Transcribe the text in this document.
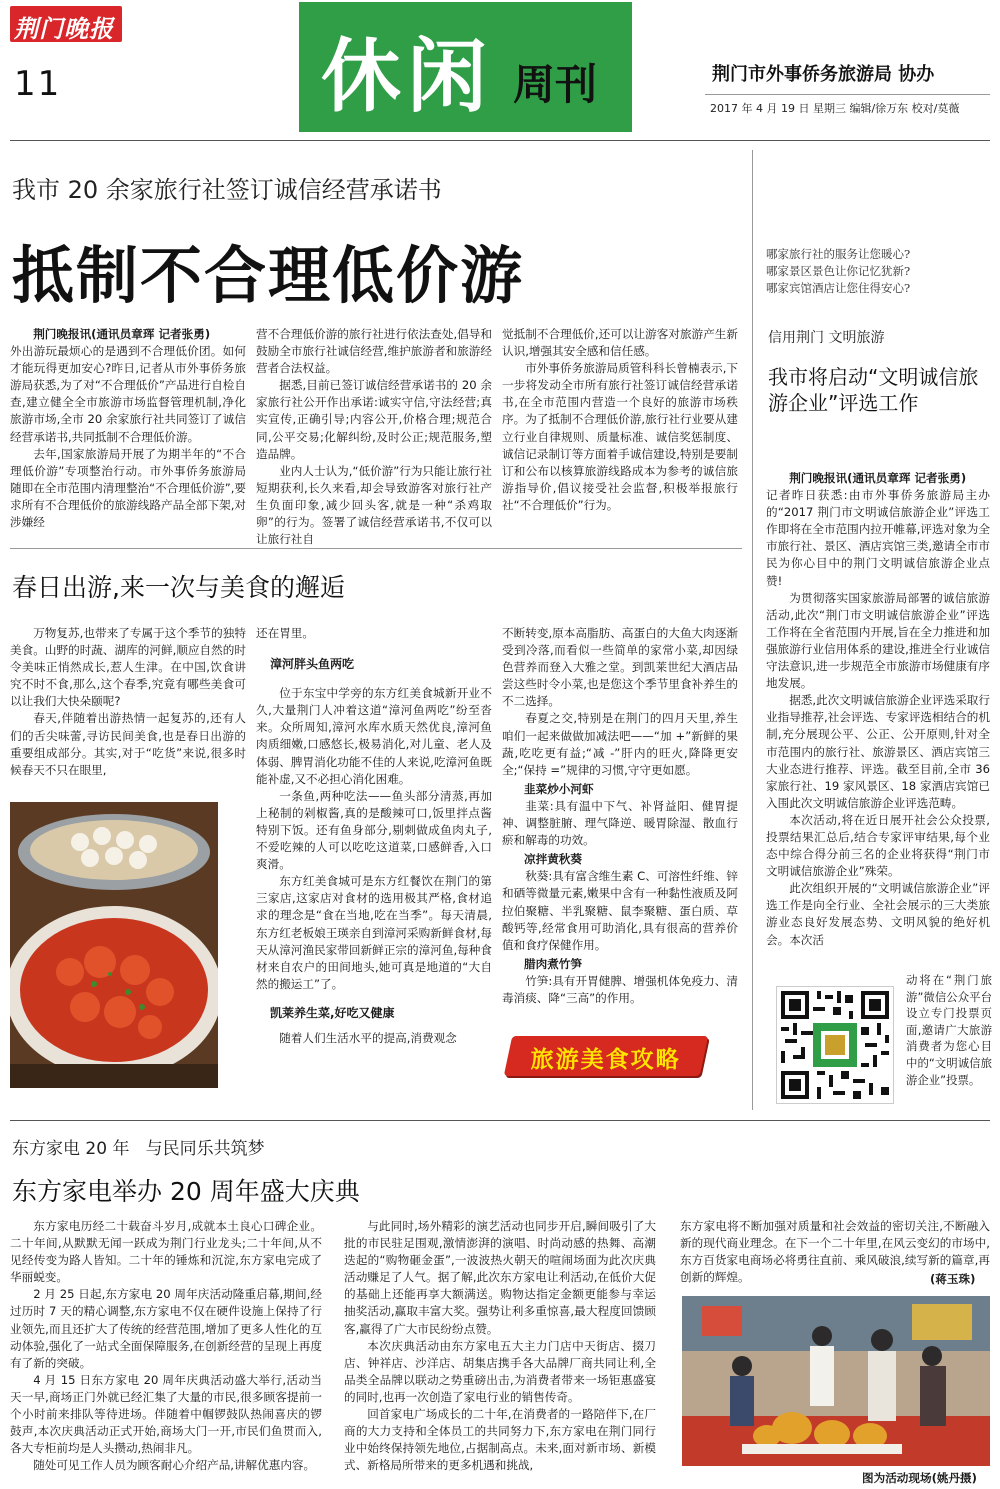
荆门晚报
11	休闲 周刊	荆门市外事侨务旅游局 协办
2017 年 4 月 19 日 星期三 编辑/徐万东 校对/莫薇
我市 20 余家旅行社签订诚信经营承诺书
抵制不合理低价游
荆门晚报讯(通讯员章珲 记者张勇)

外出游玩最烦心的是遇到不合理低价团。如何才能玩得更加安心?昨日,记者从市外事侨务旅游局获悉,为了对“不合理低价”产品进行自检自查,建立健全全市旅游市场监督管理机制,净化旅游市场,全市 20 余家旅行社共同签订了诚信经营承诺书,共同抵制不合理低价游。

去年,国家旅游局开展了为期半年的“不合理低价游”专项整治行动。市外事侨务旅游局随即在全市范围内清理整治“不合理低价游”,要求所有不合理低价的旅游线路产品全部下架,对涉嫌经

营不合理低价游的旅行社进行依法查处,倡导和鼓励全市旅行社诚信经营,维护旅游者和旅游经营者合法权益。

据悉,目前已签订诚信经营承诺书的 20 余家旅行社公开作出承诺:诚实守信,守法经营;真实宣传,正确引导;内容公开,价格合理;规范合同,公平交易;化解纠纷,及时公正;规范服务,塑造品牌。

业内人士认为,“低价游”行为只能让旅行社短期获利,长久来看,却会导致游客对旅行社产生负面印象,减少回头客,就是一种“杀鸡取卵”的行为。签署了诚信经营承诺书,不仅可以让旅行社自

觉抵制不合理低价,还可以让游客对旅游产生新认识,增强其安全感和信任感。

市外事侨务旅游局质管科科长曾楠表示,下一步将发动全市所有旅行社签订诚信经营承诺书,在全市范围内营造一个良好的旅游市场秩序。为了抵制不合理低价游,旅行社行业要从建立行业自律规则、质量标准、诚信奖惩制度、诚信记录制订等方面着手诚信建设,特别是要制订和公布以核算旅游线路成本为参考的诚信旅游指导价,倡议接受社会监督,积极举报旅行社“不合理低价”行为。

哪家旅行社的服务让您暖心?
哪家景区景色让你记忆犹新?
哪家宾馆酒店让您住得安心?
信用荆门 文明旅游
我市将启动“文明诚信旅游企业”评选工作
荆门晚报讯(通讯员章珲 记者张勇)

记者昨日获悉:由市外事侨务旅游局主办的“2017 荆门市文明诚信旅游企业”评选工作即将在全市范围内拉开帷幕,评选对象为全市旅行社、景区、酒店宾馆三类,邀请全市市民为你心目中的荆门文明诚信旅游企业点赞!

为贯彻落实国家旅游局部署的诚信旅游活动,此次“荆门市文明诚信旅游企业”评选工作将在全省范围内开展,旨在全力推进和加强旅游行业信用体系的建设,推进全行业诚信守法意识,进一步规范全市旅游市场健康有序地发展。

据悉,此次文明诚信旅游企业评选采取行业指导推荐,社会评选、专家评选相结合的机制,充分展现公平、公正、公开原则,针对全市范围内的旅行社、旅游景区、酒店宾馆三大业态进行推荐、评选。截至目前,全市 36 家旅行社、19 家风景区、18 家酒店宾馆已入围此次文明诚信旅游企业评选范畴。

本次活动,将在近日展开社会公众投票,投票结果汇总后,结合专家评审结果,每个业态中综合得分前三名的企业将获得“荆门市文明诚信旅游企业”殊荣。

此次组织开展的“文明诚信旅游企业”评选工作是向全行业、全社会展示的三大类旅游业态良好发展态势、文明风貌的绝好机会。本次活

动将在“荆门旅游”微信公众平台设立专门投票页面,邀请广大旅游消费者为您心目中的“文明诚信旅游企业”投票。
春日出游,来一次与美食的邂逅

万物复苏,也带来了专属于这个季节的独特美食。山野的时蔬、湖库的河鲜,顺应自然的时令美味正悄然成长,惹人生津。在中国,饮食讲究不时不食,那么,这个春季,究竟有哪些美食可以让我们大快朵颐呢?

春天,伴随着出游热情一起复苏的,还有人们的舌尖味蕾,寻访民间美食,也是春日出游的重要组成部分。其实,对于“吃货”来说,很多时候春天不只在眼里,

还在胃里。
漳河胖头鱼两吃

位于东宝中学旁的东方红美食城新开业不久,大量荆门人冲着这道“漳河鱼两吃”纷至沓来。众所周知,漳河水库水质天然优良,漳河鱼肉质细嫩,口感悠长,极易消化,对儿童、老人及体弱、脾胃消化功能不佳的人来说,吃漳河鱼既能补虚,又不必担心消化困难。

一条鱼,两种吃法——鱼头部分清蒸,再加上秘制的剁椒酱,真的是酸辣可口,饭里拌点酱特别下饭。还有鱼身部分,剔刺做成鱼肉丸子,不爱吃辣的人可以吃吃这道菜,口感鲜香,入口爽滑。

东方红美食城可是东方红餐饮在荆门的第三家店,这家店对食材的选用极其严格,食材追求的理念是“食在当地,吃在当季”。每天清晨,东方红老板娘王瑛亲自到漳河采购新鲜食材,每天从漳河渔民家带回新鲜正宗的漳河鱼,每种食材来自农户的田间地头,她可真是地道的“大自然的搬运工”了。

凯莱养生菜,好吃又健康

随着人们生活水平的提高,消费观念

不断转变,原本高脂肪、高蛋白的大鱼大肉逐渐受到冷落,而看似一些简单的家常小菜,却因绿色营养而登入大雅之堂。到凯莱世纪大酒店品尝这些时令小菜,也是您这个季节里食补养生的不二选择。

春夏之交,特别是在荆门的四月天里,养生咱们一起来做做加减法吧——“加 +”新鲜的果蔬,吃吃更有益;“减 -”肝内的旺火,降降更安全;“保持 =”规律的习惯,守守更如愿。

韭菜炒小河虾

韭菜:具有温中下气、补肾益阳、健胃提神、调整脏腑、理气降逆、暖胃除湿、散血行瘀和解毒的功效。

凉拌黄秋葵

秋葵:具有富含维生素 C、可溶性纤维、锌和硒等微量元素,嫩果中含有一种黏性液质及阿拉伯聚糖、半乳聚糖、鼠李聚糖、蛋白质、草酸钙等,经常食用可助消化,具有很高的营养价值和食疗保健作用。

腊肉煮竹笋

竹笋:具有开胃健脾、增强机体免疫力、清毒消痰、降“三高”的作用。

旅游美食攻略
东方家电 20 年   与民同乐共筑梦
东方家电举办 20 周年盛大庆典

东方家电历经二十载奋斗岁月,成就本土良心口碑企业。二十年间,从默默无闻一跃成为荆门行业龙头;二十年间,从不见经传变为路人皆知。二十年的锤炼和沉淀,东方家电完成了华丽蜕变。

2 月 25 日起,东方家电 20 周年庆活动隆重启幕,期间,经过历时 7 天的精心调整,东方家电不仅在硬件设施上保持了行业领先,而且还扩大了传统的经营范围,增加了更多人性化的互动体验,强化了一站式全面保障服务,在创新经营的呈现上再度有了新的突破。

4 月 15 日东方家电 20 周年庆典活动盛大举行,活动当天一早,商场正门外就已经汇集了大量的市民,很多顾客提前一个小时前来排队等待进场。伴随着中帼锣鼓队热闹喜庆的锣鼓声,本次庆典活动正式开始,商场大门一开,市民们鱼贯而入,各大专柜前均是人头攒动,热闹非凡。

随处可见工作人员为顾客耐心介绍产品,讲解优惠内容。

与此同时,场外精彩的演艺活动也同步开启,瞬间吸引了大批的市民驻足围观,激情澎湃的演唱、时尚动感的热舞、高潮迭起的“购物砸金蛋”,一波波热火朝天的喧闹场面为此次庆典活动赚足了人气。据了解,此次东方家电让利活动,在低价大促的基础上还能再享大额满送。购物达指定金额更能参与幸运抽奖活动,赢取丰富大奖。强势让利多重惊喜,最大程度回馈顾客,赢得了广大市民纷纷点赞。

本次庆典活动由东方家电五大主力门店中天街店、掇刀店、钟祥店、沙洋店、胡集店携手各大品牌厂商共同让利,全品类全品牌以联动之势重磅出击,为消费者带来一场钜惠盛宴的同时,也再一次创造了家电行业的销售传奇。

回首家电广场成长的二十年,在消费者的一路陪伴下,在厂商的大力支持和全体员工的共同努力下,东方家电在荆门同行业中始终保持领先地位,占据制高点。未来,面对新市场、新模式、新格局所带来的更多机遇和挑战,

东方家电将不断加强对质量和社会效益的密切关注,不断融入新的现代商业理念。在下一个二十年里,在风云变幻的市场中,东方百货家电商场必将勇往直前、乘风破浪,续写新的篇章,再创新的辉煌。	(蒋玉珠)
图为活动现场(姚丹摄)
